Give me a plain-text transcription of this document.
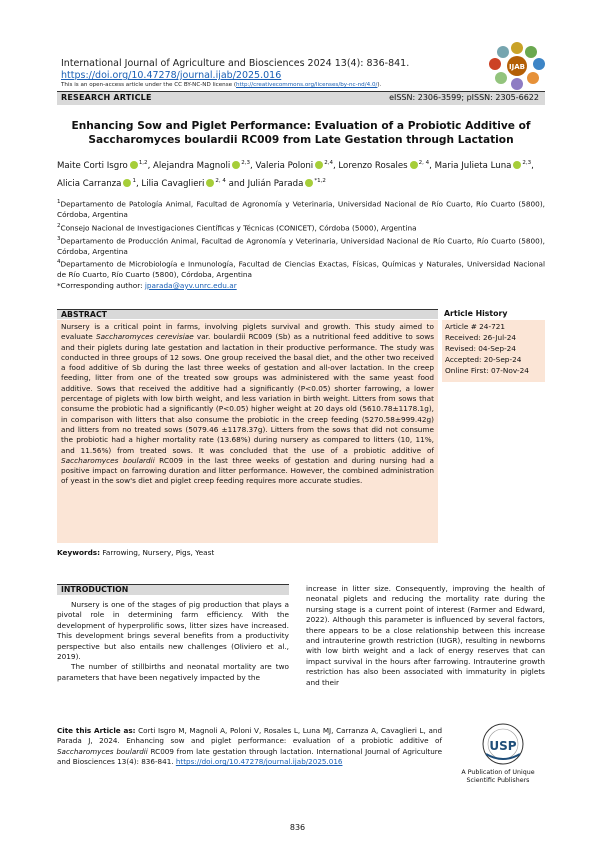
International Journal of Agriculture and Biosciences 2024 13(4): 836-841.
https://doi.org/10.47278/journal.ijab/2025.016
This is an open-access article under the CC BY-NC-ND license (http://creativecommons.org/licenses/by-nc-nd/4.0/).
IJAB
RESEARCH ARTICLE	eISSN: 2306-3599; pISSN: 2305-6622
Enhancing Sow and Piglet Performance: Evaluation of a Probiotic Additive of
Saccharomyces boulardii RC009 from Late Gestation through Lactation
Maite Corti Isgro $^{1,2}$, Alejandra Magnoli $^{2,3}$, Valeria Poloni $^{2,4}$, Lorenzo Rosales $^{2, 4}$, Maria Julieta Luna $^{2,3}$,
Alicia Carranza $^1$, Lilia Cavaglieri $^{2, 4}$ and Julián Parada $^{*1,2}$

$^1$Departamento de Patología Animal, Facultad de Agronomía y Veterinaria, Universidad Nacional de Río Cuarto, Río Cuarto (5800), Córdoba, Argentina

$^2$Consejo Nacional de Investigaciones Científicas y Técnicas (CONICET), Córdoba (5000), Argentina

$^3$Departamento de Producción Animal, Facultad de Agronomía y Veterinaria, Universidad Nacional de Río Cuarto, Río Cuarto (5800), Córdoba, Argentina

$^4$Departamento de Microbiología e Inmunología, Facultad de Ciencias Exactas, Físicas, Químicas y Naturales, Universidad Nacional de Río Cuarto, Río Cuarto (5800), Córdoba, Argentina

*Corresponding author: jparada@ayv.unrc.edu.ar

ABSTRACT

Nursery is a critical point in farms, involving piglets survival and growth. This study aimed to evaluate Saccharomyces cerevisiae var. boulardii RC009 (Sb) as a nutritional feed additive to sows and their piglets during late gestation and lactation in their productive performance. The study was conducted in three groups of 12 sows. One group received the basal diet, and the other two received a food additive of Sb during the last three weeks of gestation and all-over lactation. In the creep feeding, litter from one of the treated sow groups was administered with the same yeast food additive. Sows that received the additive had a significantly (P<0.05) shorter farrowing, a lower percentage of piglets with low birth weight, and less variation in birth weight. Litters from sows that consume the probiotic had a significantly (P<0.05) higher weight at 20 days old (5610.78±1178.1g), in comparison with litters that also consume the probiotic in the creep feeding (5270.58±999.42g) and litters from no treated sows (5079.46 ±1178.37g). Litters from the sows that did not consume the probiotic had a higher mortality rate (13.68%) during nursery as compared to litters (10, 11%, and 11.56%) from treated sows. It was concluded that the use of a probiotic additive of Saccharomyces boulardii RC009 in the last three weeks of gestation and during nursing had a positive impact on farrowing duration and litter performance. However, the combined administration of yeast in the sow's diet and piglet creep feeding requires more accurate studies.

Article History
Article # 24-721
Received: 26-Jul-24
Revised: 04-Sep-24
Accepted: 20-Sep-24
Online First: 07-Nov-24
Keywords: Farrowing, Nursery, Pigs, Yeast
INTRODUCTION

Nursery is one of the stages of pig production that plays a pivotal role in determining farm efficiency. With the development of hyperprolific sows, litter sizes have increased. This development brings several benefits from a productivity perspective but also entails new challenges (Oliviero et al., 2019).

The number of stillbirths and neonatal mortality are two parameters that have been negatively impacted by the

increase in litter size. Consequently, improving the health of neonatal piglets and reducing the mortality rate during the nursing stage is a current point of interest (Farmer and Edward, 2022). Although this parameter is influenced by several factors, there appears to be a close relationship between this increase and intrauterine growth restriction (IUGR), resulting in newborns with low birth weight and a lack of energy reserves that can impact survival in the hours after farrowing. Intrauterine growth restriction has also been associated with immaturity in piglets and their

Cite this Article as: Corti Isgro M, Magnoli A, Poloni V, Rosales L, Luna MJ, Carranza A, Cavaglieri L, and Parada J, 2024. Enhancing sow and piglet performance: evaluation of a probiotic additive of Saccharomyces boulardii RC009 from late gestation through lactation. International Journal of Agriculture and Biosciences 13(4): 836-841. https://doi.org/10.47278/journal.ijab/2025.016
USP
A Publication of Unique
Scientific Publishers
836
